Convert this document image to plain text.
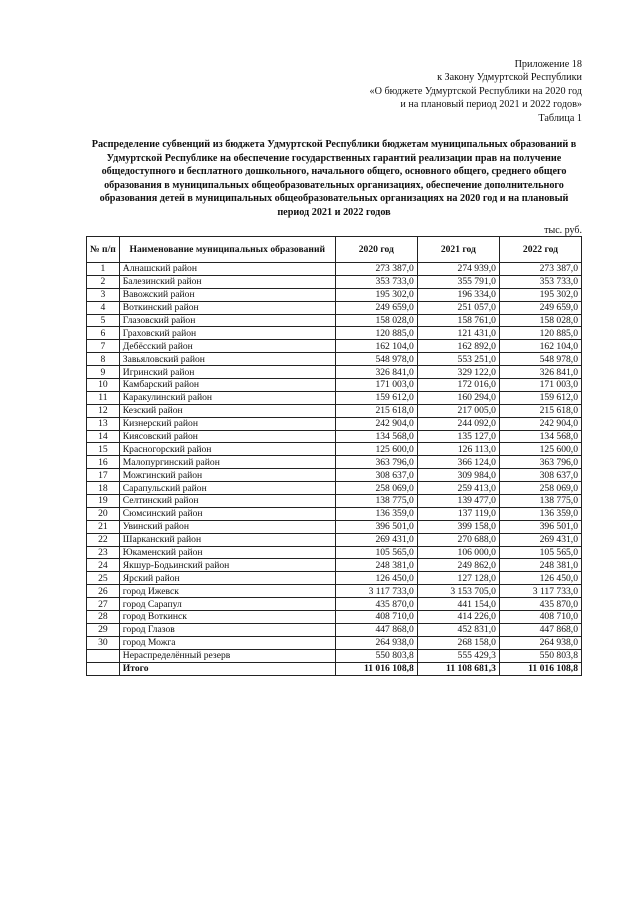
Приложение 18
к Закону Удмуртской Республики
«О бюджете Удмуртской Республики на 2020 год
и на плановый период 2021 и 2022 годов»
Таблица 1
Распределение субвенций из бюджета Удмуртской Республики бюджетам муниципальных образований в Удмуртской Республике на обеспечение государственных гарантий реализации прав на получение общедоступного и бесплатного дошкольного, начального общего, основного общего, среднего общего образования в муниципальных общеобразовательных организациях, обеспечение дополнительного образования детей в муниципальных общеобразовательных организациях на 2020 год и на плановый период 2021 и 2022 годов
тыс. руб.
№ п/п	Наименование муниципальных образований	2020 год	2021 год	2022 год
1	Алнашский район	273 387,0	274 939,0	273 387,0
2	Балезинский район	353 733,0	355 791,0	353 733,0
3	Вавожский район	195 302,0	196 334,0	195 302,0
4	Воткинский район	249 659,0	251 057,0	249 659,0
5	Глазовский район	158 028,0	158 761,0	158 028,0
6	Граховский район	120 885,0	121 431,0	120 885,0
7	Дебёсский район	162 104,0	162 892,0	162 104,0
8	Завьяловский район	548 978,0	553 251,0	548 978,0
9	Игринский район	326 841,0	329 122,0	326 841,0
10	Камбарский район	171 003,0	172 016,0	171 003,0
11	Каракулинский район	159 612,0	160 294,0	159 612,0
12	Кезский район	215 618,0	217 005,0	215 618,0
13	Кизнерский район	242 904,0	244 092,0	242 904,0
14	Киясовский район	134 568,0	135 127,0	134 568,0
15	Красногорский район	125 600,0	126 113,0	125 600,0
16	Малопургинский район	363 796,0	366 124,0	363 796,0
17	Можгинский район	308 637,0	309 984,0	308 637,0
18	Сарапульский район	258 069,0	259 413,0	258 069,0
19	Селтинский район	138 775,0	139 477,0	138 775,0
20	Сюмсинский район	136 359,0	137 119,0	136 359,0
21	Увинский район	396 501,0	399 158,0	396 501,0
22	Шарканский район	269 431,0	270 688,0	269 431,0
23	Юкаменский район	105 565,0	106 000,0	105 565,0
24	Якшур-Бодьинский район	248 381,0	249 862,0	248 381,0
25	Ярский район	126 450,0	127 128,0	126 450,0
26	город Ижевск	3 117 733,0	3 153 705,0	3 117 733,0
27	город Сарапул	435 870,0	441 154,0	435 870,0
28	город Воткинск	408 710,0	414 226,0	408 710,0
29	город Глазов	447 868,0	452 831,0	447 868,0
30	город Можга	264 938,0	268 158,0	264 938,0
	Нераспределённый резерв	550 803,8	555 429,3	550 803,8
	Итого	11 016 108,8	11 108 681,3	11 016 108,8
